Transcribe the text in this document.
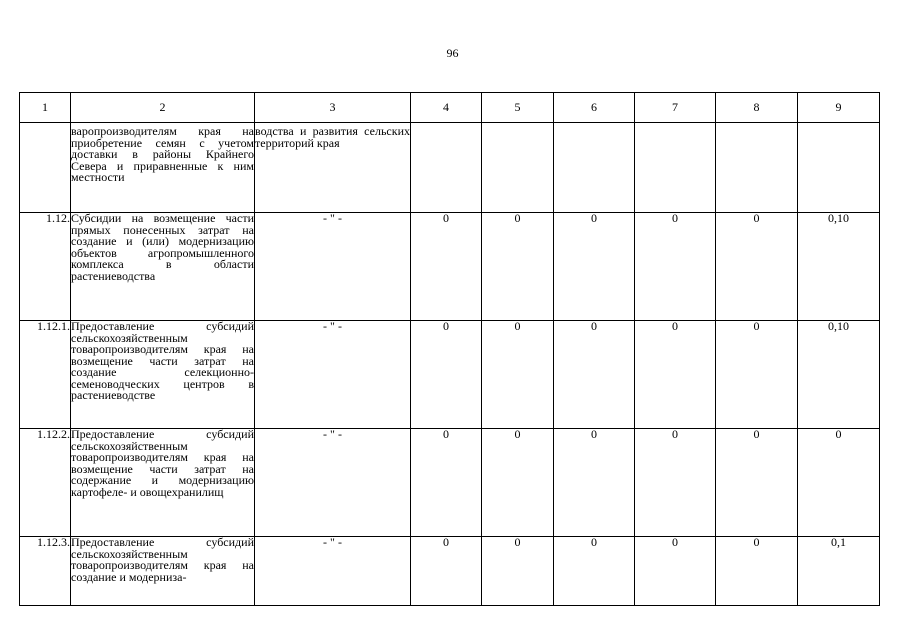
96
1	2	3	4	5	6	7	8	9
	варопроизводителям края на приобретение семян с учетом доставки в районы Крайнего Севера и приравненные к ним местности	водства и развития сельских территорий края						
1.12.	Субсидии на возмещение части прямых понесенных затрат на создание и (или) модернизацию объектов агропромышленного комплекса в области растениеводства	- " -	0	0	0	0	0	0,10
1.12.1.	Предоставление субсидий сельскохозяйственным товаропроизводителям края на возмещение части затрат на создание селекционно-семеноводческих центров в растениеводстве	- " -	0	0	0	0	0	0,10
1.12.2.	Предоставление субсидий сельскохозяйственным товаропроизводителям края на возмещение части затрат на содержание и модернизацию картофеле- и овощехранилищ	- " -	0	0	0	0	0	0
1.12.3.	Предоставление субсидий сельскохозяйственным товаропроизводителям края на создание и модерниза-	- " -	0	0	0	0	0	0,1
